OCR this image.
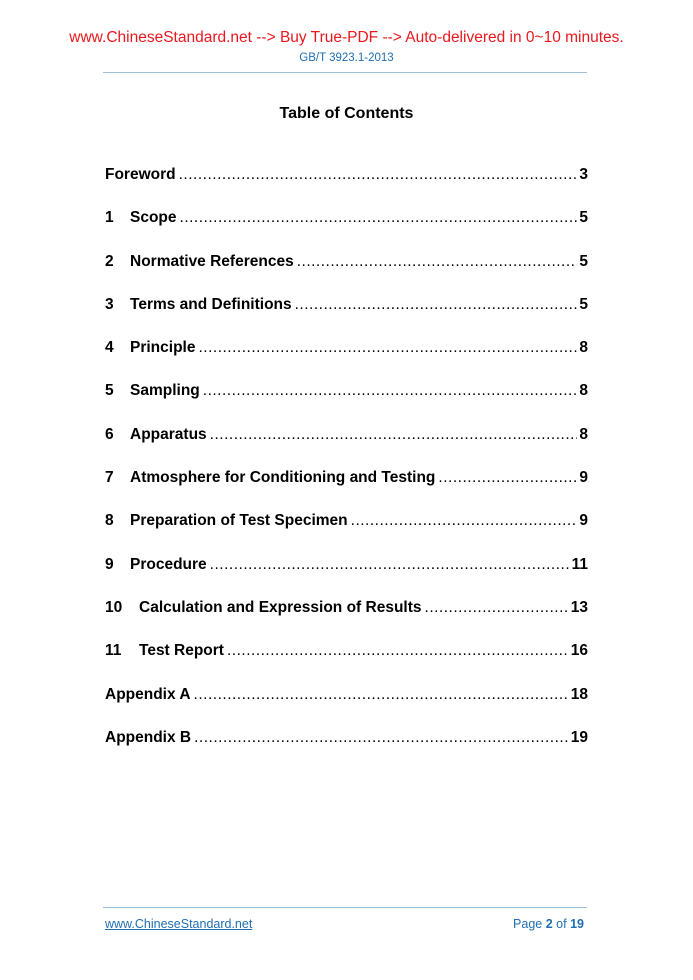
www.ChineseStandard.net --> Buy True-PDF --> Auto-delivered in 0~10 minutes.
GB/T 3923.1-2013
Table of Contents
Foreword .....	3
1	Scope .....	5
2	Normative References .....	5
3	Terms and Definitions .....	5
4	Principle .....	8
5	Sampling .....	8
6	Apparatus .....	8
7	Atmosphere for Conditioning and Testing .....	9
8	Preparation of Test Specimen .....	9
9	Procedure .....	11
10	Calculation and Expression of Results .....	13
11	Test Report .....	16
Appendix A .....	18
Appendix B .....	19
www.ChineseStandard.net	Page 2 of 19
